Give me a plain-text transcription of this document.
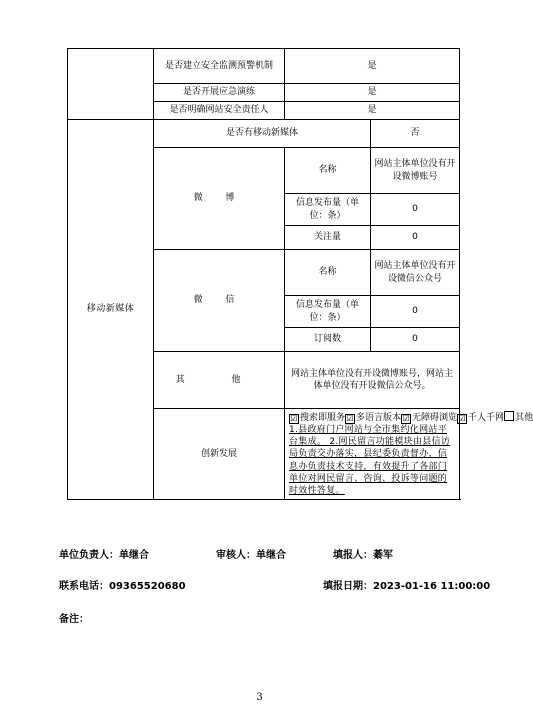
	是否建立安全监测预警机制	是	
	是否开展应急演练	是	
	是否明确网站安全责任人	是	
移动新媒体	是否有移动新媒体		否
	微 博	名称	网站主体单位没有开设微博账号
		信息发布量（单位：条）	0
		关注量	0
	微 信	名称	网站主体单位没有开设微信公众号
		信息发布量（单位：条）	0
		订阅数	0
	其 他	网站主体单位没有开设微博账号，网站主体单位没有开设微信公众号。	
	创新发展	☑ 搜索即服务☑ 多语言版本☑ 无障碍浏览☑ 千人千网 其他
1.县政府门户网站与全市集约化网站平台集成。 2.网民留言功能模块由县信访局负责交办落实，县纪委负责督办，信息办负责技术支持，有效提升了各部门单位对网民留言、咨询、投诉等问题的时效性答复。	
单位负责人：单继合	审核人：单继合	填报人：綦军
联系电话：09365520680	填报日期：2023-01-16 11:00:00
备注：
3
